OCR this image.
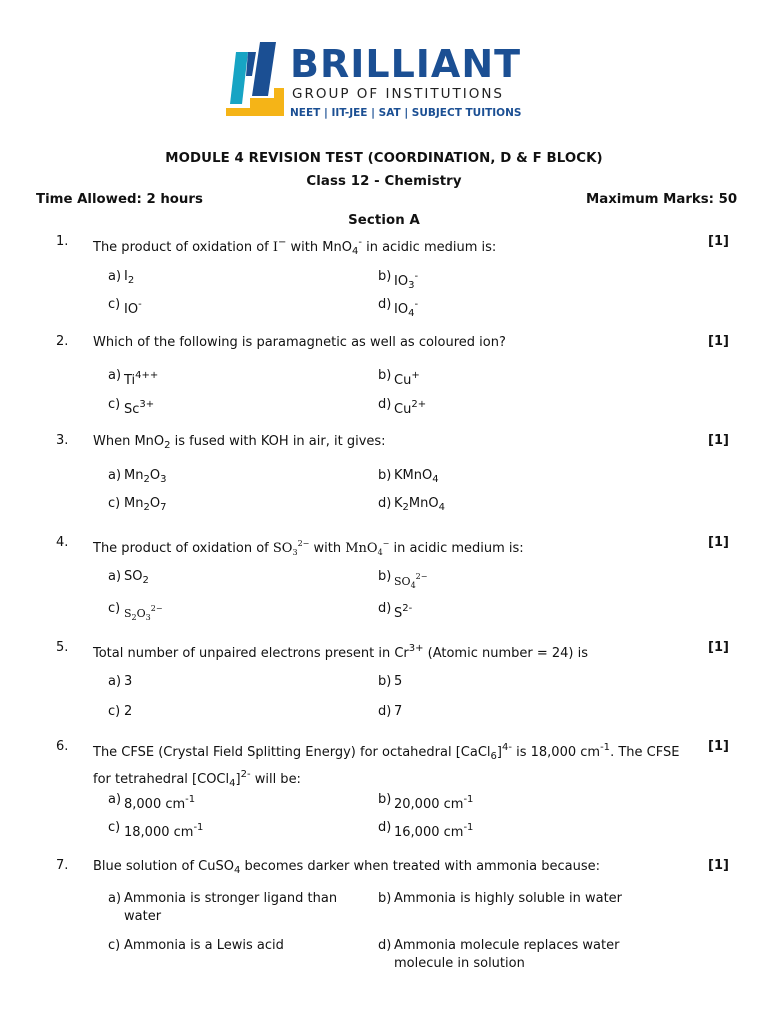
BRILLIANT
GROUP OF INSTITUTIONS
NEET | IIT-JEE | SAT | SUBJECT TUITIONS
MODULE 4 REVISION TEST (COORDINATION, D & F BLOCK)
Class 12 - Chemistry
Time Allowed: 2 hours	Maximum Marks: 50
Section A
1. The product of oxidation of I− with MnO$_4$- in acidic medium is:	[1]
a) $I_2$	b) $IO_3^-$
c) IO-	d) $IO_4^-$
2. Which of the following is paramagnetic as well as coloured ion?	[1]
a) $Ti^{4++}$	b) Cu+
c) $Sc^{3+}$	d) $Cu^{2+}$
3. When MnO$_2$ is fused with KOH in air, it gives:	[1]
a) $Mn_2O_3$	b) KMnO$_4$
c) $Mn_2O_7$	d) $K_2MnO_4$
4. The product of oxidation of $SO_3^{2-}$ with MnO$_4$− in acidic medium is:	[1]
a) $SO_2$	b) $SO_4^{2-}$
c) $S_2O_3^{2-}$	d) $S^{2-}$
5. Total number of unpaired electrons present in $Cr^{3+}$ (Atomic number = 24) is	[1]
a) 3	b) 5
c) 2	d) 7
6. The CFSE (Crystal Field Splitting Energy) for octahedral [CaCl$_6$]$^{4-}$ is 18,000 $cm^{-1}$. The CFSE
for tetrahedral [COCl$_4$]$^{2-}$ will be:
[1]
a) 8,000 $cm^{-1}$	b) 20,000 $cm^{-1}$
c) 18,000 $cm^{-1}$	d) 16,000 $cm^{-1}$
7. Blue solution of CuSO$_4$ becomes darker when treated with ammonia because:	[1]
a) Ammonia is stronger ligand than
water
b) Ammonia is highly soluble in water
c) Ammonia is a Lewis acid	d) Ammonia molecule replaces water
molecule in solution
